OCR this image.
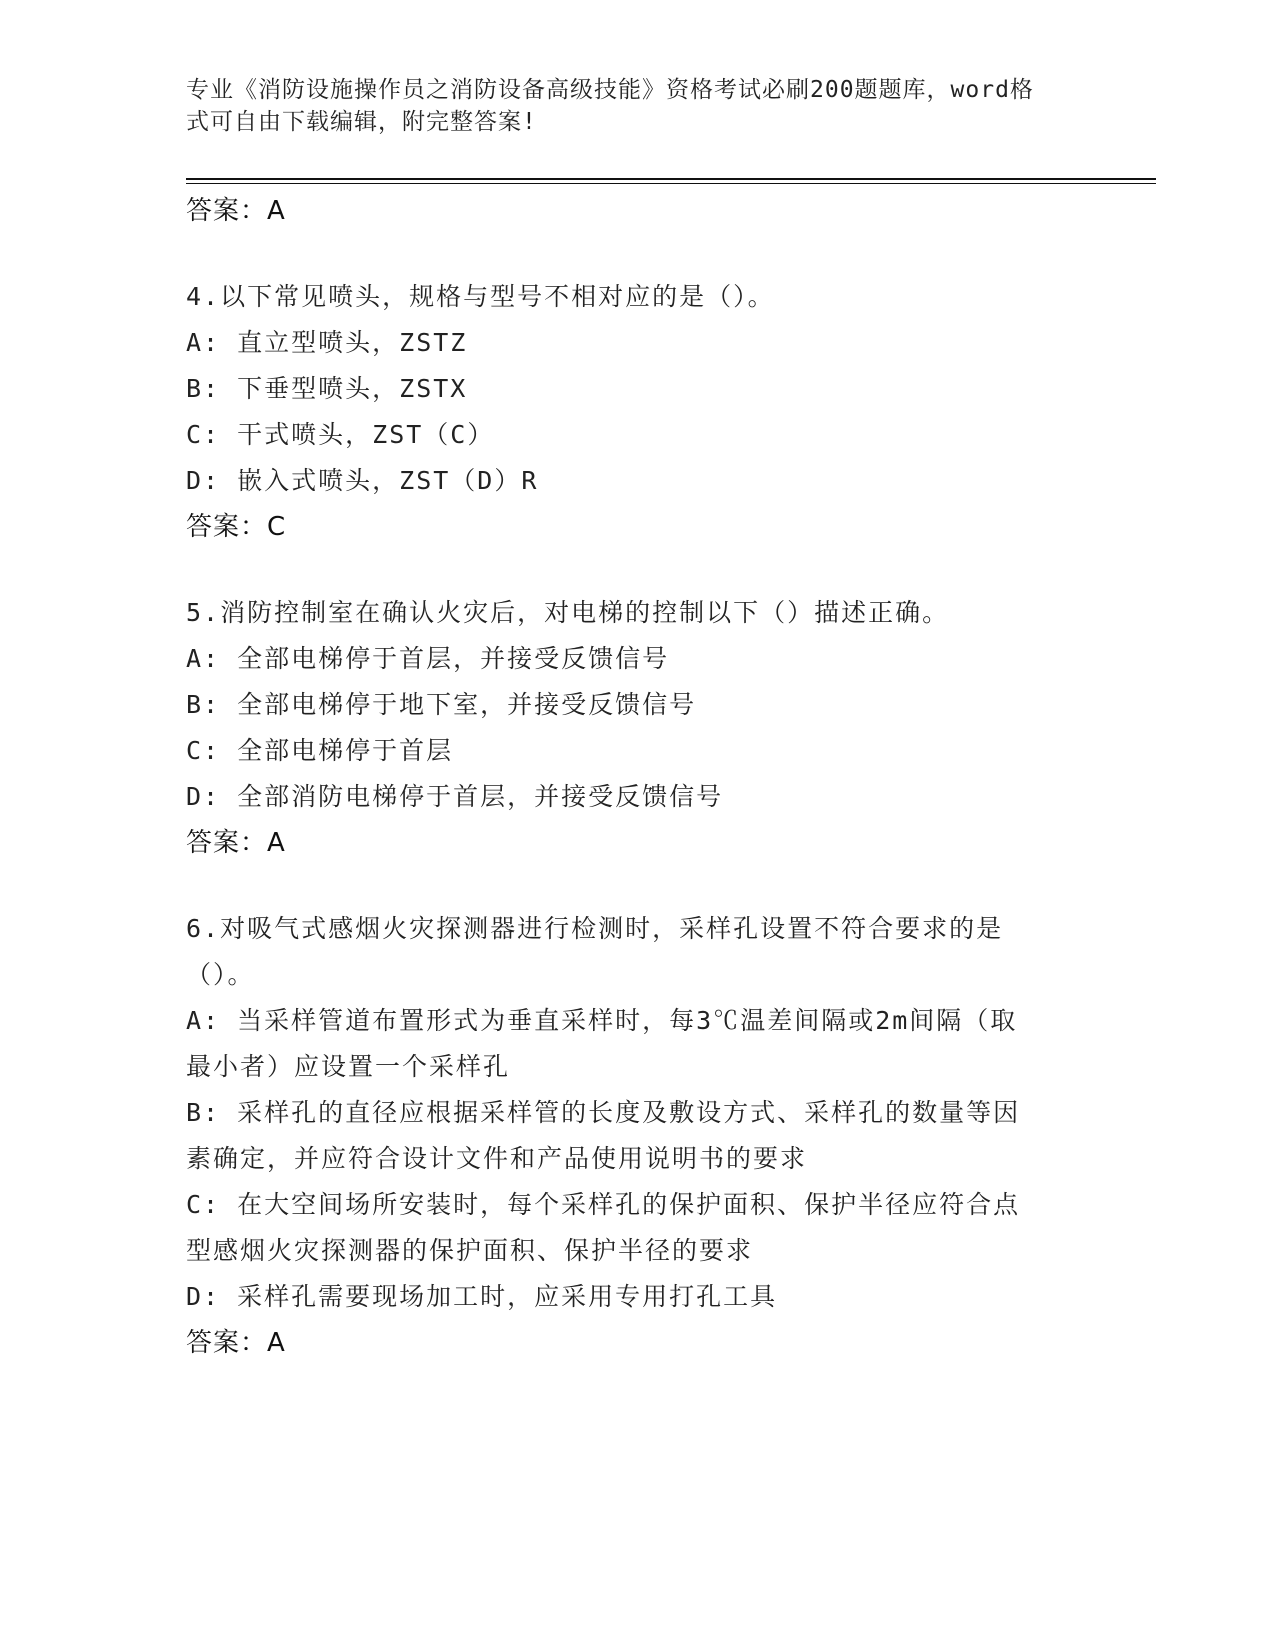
专业《消防设施操作员之消防设备高级技能》资格考试必刷200题题库，word格
式可自由下载编辑，附完整答案!
答案：A
4.以下常见喷头，规格与型号不相对应的是（）。
A: 直立型喷头，ZSTZ
B: 下垂型喷头，ZSTX
C: 干式喷头，ZST（C）
D: 嵌入式喷头，ZST（D）R
答案：C
5.消防控制室在确认火灾后，对电梯的控制以下（）描述正确。
A: 全部电梯停于首层，并接受反馈信号
B: 全部电梯停于地下室，并接受反馈信号
C: 全部电梯停于首层
D: 全部消防电梯停于首层，并接受反馈信号
答案：A
6.对吸气式感烟火灾探测器进行检测时，采样孔设置不符合要求的是
（）。
A: 当采样管道布置形式为垂直采样时，每3℃温差间隔或2m间隔（取
最小者）应设置一个采样孔
B: 采样孔的直径应根据采样管的长度及敷设方式、采样孔的数量等因
素确定，并应符合设计文件和产品使用说明书的要求
C: 在大空间场所安装时，每个采样孔的保护面积、保护半径应符合点
型感烟火灾探测器的保护面积、保护半径的要求
D: 采样孔需要现场加工时，应采用专用打孔工具
答案：A
